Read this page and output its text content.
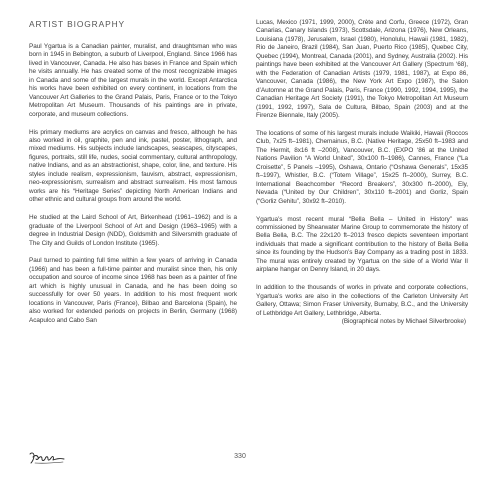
ARTIST BIOGRAPHY

Paul Ygartua is a Canadian painter, muralist, and draughtsman who was born in 1945 in Bebington, a suburb of Liverpool, England. Since 1966 has lived in Vancouver, Canada. He also has bases in France and Spain which he visits annually. He has created some of the most recognizable images in Canada and some of the largest murals in the world. Except Antarctica his works have been exhibited on every continent, in locations from the Vancouver Art Galleries to the Grand Palais, Paris, France or to the Tokyo Metropolitan Art Museum. Thousands of his paintings are in private, corporate, and museum collections.

His primary mediums are acrylics on canvas and fresco, although he has also worked in oil, graphite, pen and ink, pastel, poster, lithograph, and mixed mediums. His subjects include landscapes, seascapes, cityscapes, figures, portraits, still life, nudes, social commentary, cultural anthropology, native Indians, and as an abstractionist, shape, color, line, and texture. His styles include realism, expressionism, fauvism, abstract, expressionism, neo-expressionism, surrealism and abstract surrealism. His most famous works are his “Heritage Series” depicting North American Indians and other ethnic and cultural groups from around the world.

He studied at the Laird School of Art, Birkenhead (1961–1962) and is a graduate of the Liverpool School of Art and Design (1963–1965) with a degree in Industrial Design (NDD), Goldsmith and Silversmith graduate of The City and Guilds of London Institute (1965).

Paul turned to painting full time within a few years of arriving in Canada (1966) and has been a full-time painter and muralist since then, his only occupation and source of income since 1968 has been as a painter of fine art which is highly unusual in Canada, and he has been doing so successfully for over 50 years. In addition to his most frequent work locations in Vancouver, Paris (France), Bilbao and Barcelona (Spain), he also worked for extended periods on projects in Berlin, Germany (1968) Acapulco and Cabo San

Lucas, Mexico (1971, 1999, 2000), Crète and Corfu, Greece (1972), Gran Canarias, Canary Islands (1973), Scottsdale, Arizona (1976), New Orleans, Louisiana (1978), Jerusalem, Israel (1980), Honolulu, Hawaii (1981, 1982), Rio de Janeiro, Brazil (1984), San Juan, Puerto Rico (1985), Quebec City, Quebec (1994), Montreal, Canada (2001), and Sydney, Australia (2002). His paintings have been exhibited at the Vancouver Art Gallery (Spectrum ‘68), with the Federation of Canadian Artists (1979, 1981, 1987), at Expo 86, Vancouver, Canada (1986), the New York Art Expo (1987), the Salon d’Automne at the Grand Palais, Paris, France (1990, 1992, 1994, 1995), the Canadian Heritage Art Society (1991), the Tokyo Metropolitan Art Museum (1991, 1992, 1997), Sala de Cultura, Bilbao, Spain (2003) and at the Firenze Biennale, Italy (2005).

The locations of some of his largest murals include Waikiki, Hawaii (Roccos Club, 7x25 ft–1981), Chemainus, B.C. (Native Heritage, 25x50 ft–1983 and The Hermit, 8x16 ft –2008), Vancouver, B.C. (EXPO ‘86 at the United Nations Pavilion “A World United”, 30x100 ft–1986), Cannes, France (“La Croisette”, 5 Panels –1995), Oshawa, Ontario (“Oshawa Generals”, 15x35 ft–1997), Whistler, B.C. (“Totem Village”, 15x25 ft–2000), Surrey, B.C. International Beachcomber “Record Breakers”, 30x300 ft–2000), Ely, Nevada (“United by Our Children”, 30x110 ft–2001) and Gorliz, Spain (“Gorliz Gehitu”, 30x92 ft–2010).

Ygartua’s most recent mural “Bella Bella – United in History” was commissioned by Shearwater Marine Group to commemorate the history of Bella Bella, B.C. The 22x120 ft–2013 fresco depicts seventeen important individuals that made a significant contribution to the history of Bella Bella since its founding by the Hudson’s Bay Company as a trading post in 1833. The mural was entirely created by Ygartua on the side of a World War II airplane hangar on Denny Island, in 20 days.

In addition to the thousands of works in private and corporate collections, Ygartua’s works are also in the collections of the Carleton University Art Gallery, Ottawa; Simon Fraser University, Burnaby, B.C., and the University of Lethbridge Art Gallery, Lethbridge, Alberta.

(Biographical notes by Michael Silverbrooke)

330
